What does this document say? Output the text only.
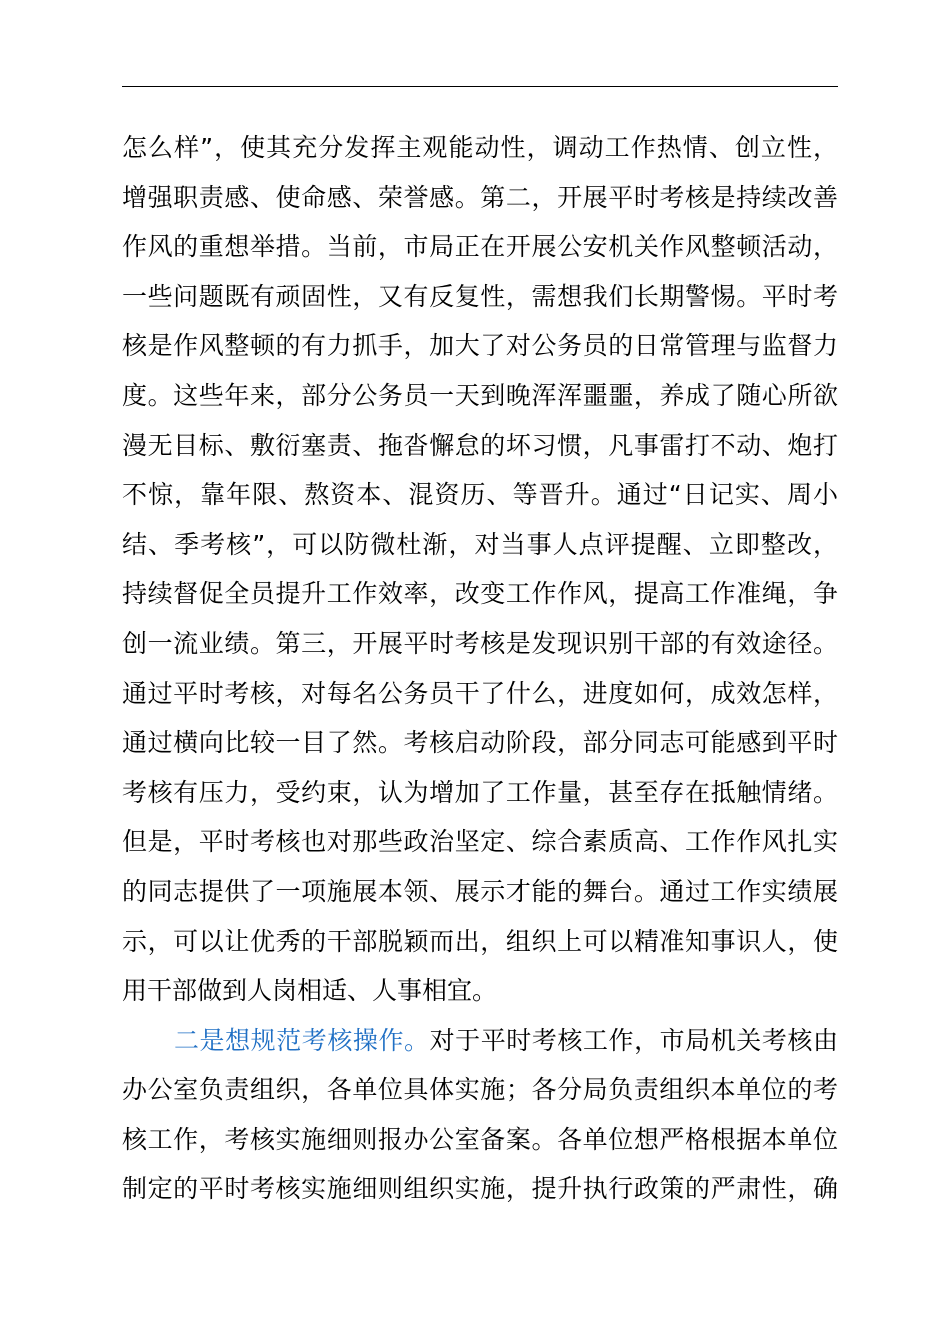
怎么样”，使其充分发挥主观能动性，调动工作热情、创立性，
增强职责感、使命感、荣誉感。第二，开展平时考核是持续改善
作风的重想举措。当前，市局正在开展公安机关作风整顿活动，
一些问题既有顽固性，又有反复性，需想我们长期警惕。平时考
核是作风整顿的有力抓手，加大了对公务员的日常管理与监督力
度。这些年来，部分公务员一天到晚浑浑噩噩，养成了随心所欲
漫无目标、敷衍塞责、拖沓懈怠的坏习惯，凡事雷打不动、炮打
不惊，靠年限、熬资本、混资历、等晋升。通过“日记实、周小
结、季考核”，可以防微杜渐，对当事人点评提醒、立即整改，
持续督促全员提升工作效率，改变工作作风，提高工作准绳，争
创一流业绩。第三，开展平时考核是发现识别干部的有效途径。
通过平时考核，对每名公务员干了什么，进度如何，成效怎样，
通过横向比较一目了然。考核启动阶段，部分同志可能感到平时
考核有压力，受约束，认为增加了工作量，甚至存在抵触情绪。
但是，平时考核也对那些政治坚定、综合素质高、工作作风扎实
的同志提供了一项施展本领、展示才能的舞台。通过工作实绩展
示，可以让优秀的干部脱颖而出，组织上可以精准知事识人，使
用干部做到人岗相适、人事相宜。
二是想规范考核操作。对于平时考核工作，市局机关考核由
办公室负责组织，各单位具体实施；各分局负责组织本单位的考
核工作，考核实施细则报办公室备案。各单位想严格根据本单位
制定的平时考核实施细则组织实施，提升执行政策的严肃性，确
